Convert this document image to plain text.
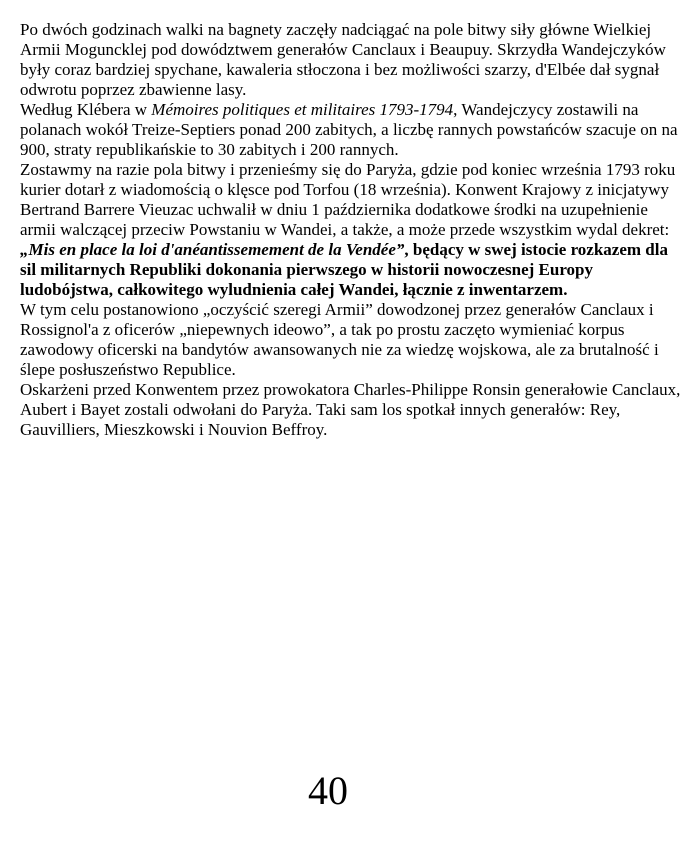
Po dwóch godzinach walki na bagnety zaczęły nadciągać na pole bitwy siły główne Wielkiej Armii Moguncklej pod dowództwem generałów Canclaux i Beaupuy. Skrzydła Wandejczyków były coraz bardziej spychane, kawaleria stłoczona i bez możliwości szarzy, d'Elbée dał sygnał odwrotu poprzez zbawienne lasy.

Według Klébera w Mémoires politiques et militaires 1793-1794, Wandejczycy zostawili na polanach wokół Treize-Septiers ponad 200 zabitych, a liczbę rannych powstańców szacuje on na 900, straty republikańskie to 30 zabitych i 200 rannych.

Zostawmy na razie pola bitwy i przenieśmy się do Paryża, gdzie pod koniec września 1793 roku kurier dotarł z wiadomością o klęsce pod Torfou (18 września). Konwent Krajowy z inicjatywy Bertrand Barrere Vieuzac uchwalił w dniu 1 października dodatkowe środki na uzupełnienie armii walczącej przeciw Powstaniu w Wandei, a także, a może przede wszystkim wydal dekret:

„Mis en place la loi d'anéantissemement de la Vendée”, będący w swej istocie rozkazem dla sil militarnych Republiki dokonania pierwszego w historii nowoczesnej Europy ludobójstwa, całkowitego wyludnienia całej Wandei, łącznie z inwentarzem.

W tym celu postanowiono „oczyścić szeregi Armii” dowodzonej przez generałów Canclaux i Rossignol'a z oficerów „niepewnych ideowo”, a tak po prostu zaczęto wymieniać korpus zawodowy oficerski na bandytów awansowanych nie za wiedzę wojskowa, ale za brutalność i ślepe posłuszeństwo Republice.

Oskarżeni przed Konwentem przez prowokatora Charles-Philippe Ronsin generałowie Canclaux, Aubert i Bayet zostali odwołani do Paryża. Taki sam los spotkał innych generałów: Rey, Gauvilliers, Mieszkowski i Nouvion Beffroy.

40
